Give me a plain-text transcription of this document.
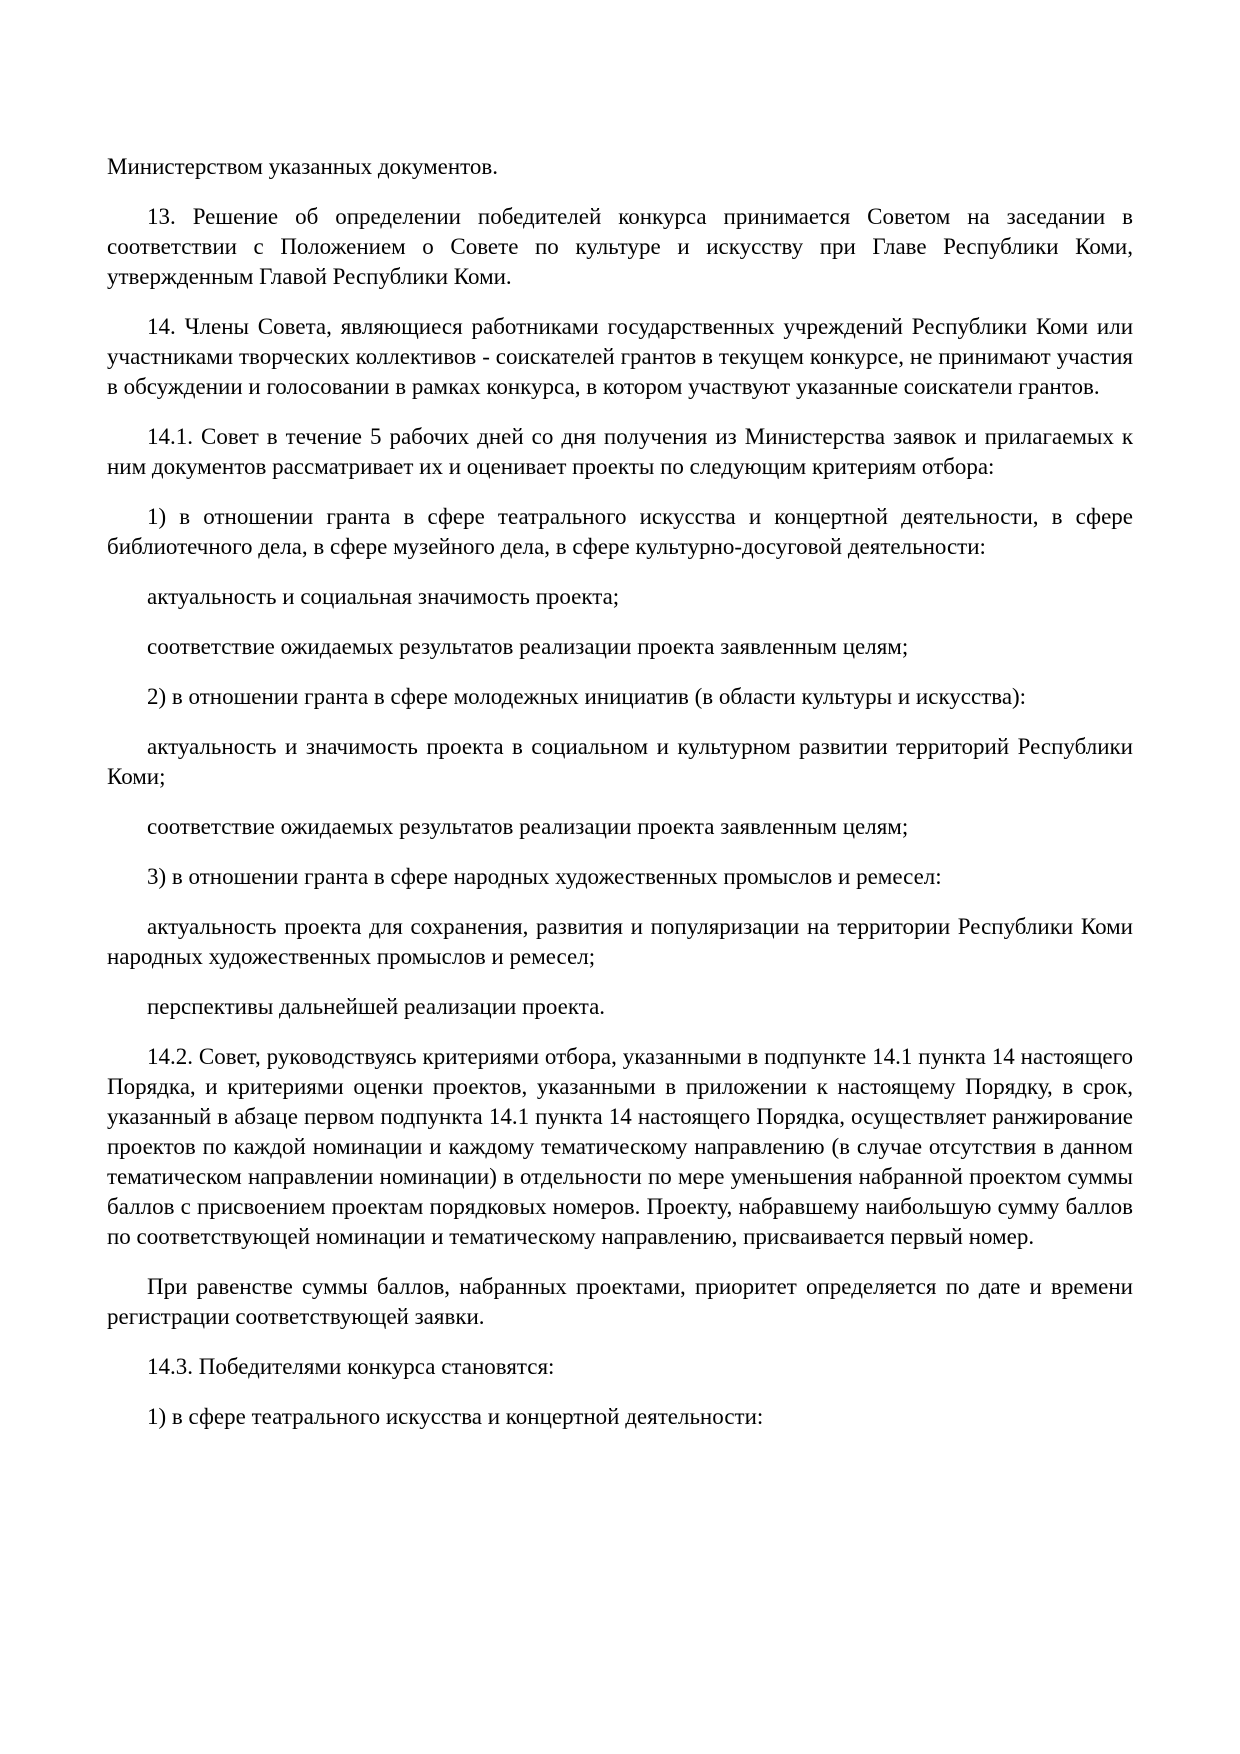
Министерством указанных документов.

13. Решение об определении победителей конкурса принимается Советом на заседании в соответствии с Положением о Совете по культуре и искусству при Главе Республики Коми, утвержденным Главой Республики Коми.

14. Члены Совета, являющиеся работниками государственных учреждений Республики Коми или участниками творческих коллективов - соискателей грантов в текущем конкурсе, не принимают участия в обсуждении и голосовании в рамках конкурса, в котором участвуют указанные соискатели грантов.

14.1. Совет в течение 5 рабочих дней со дня получения из Министерства заявок и прилагаемых к ним документов рассматривает их и оценивает проекты по следующим критериям отбора:

1) в отношении гранта в сфере театрального искусства и концертной деятельности, в сфере библиотечного дела, в сфере музейного дела, в сфере культурно-досуговой деятельности:

актуальность и социальная значимость проекта;

соответствие ожидаемых результатов реализации проекта заявленным целям;

2) в отношении гранта в сфере молодежных инициатив (в области культуры и искусства):

актуальность и значимость проекта в социальном и культурном развитии территорий Республики Коми;

соответствие ожидаемых результатов реализации проекта заявленным целям;

3) в отношении гранта в сфере народных художественных промыслов и ремесел:

актуальность проекта для сохранения, развития и популяризации на территории Республики Коми народных художественных промыслов и ремесел;

перспективы дальнейшей реализации проекта.

14.2. Совет, руководствуясь критериями отбора, указанными в подпункте 14.1 пункта 14 настоящего Порядка, и критериями оценки проектов, указанными в приложении к настоящему Порядку, в срок, указанный в абзаце первом подпункта 14.1 пункта 14 настоящего Порядка, осуществляет ранжирование проектов по каждой номинации и каждому тематическому направлению (в случае отсутствия в данном тематическом направлении номинации) в отдельности по мере уменьшения набранной проектом суммы баллов с присвоением проектам порядковых номеров. Проекту, набравшему наибольшую сумму баллов по соответствующей номинации и тематическому направлению, присваивается первый номер.

При равенстве суммы баллов, набранных проектами, приоритет определяется по дате и времени регистрации соответствующей заявки.

14.3. Победителями конкурса становятся:

1) в сфере театрального искусства и концертной деятельности:
